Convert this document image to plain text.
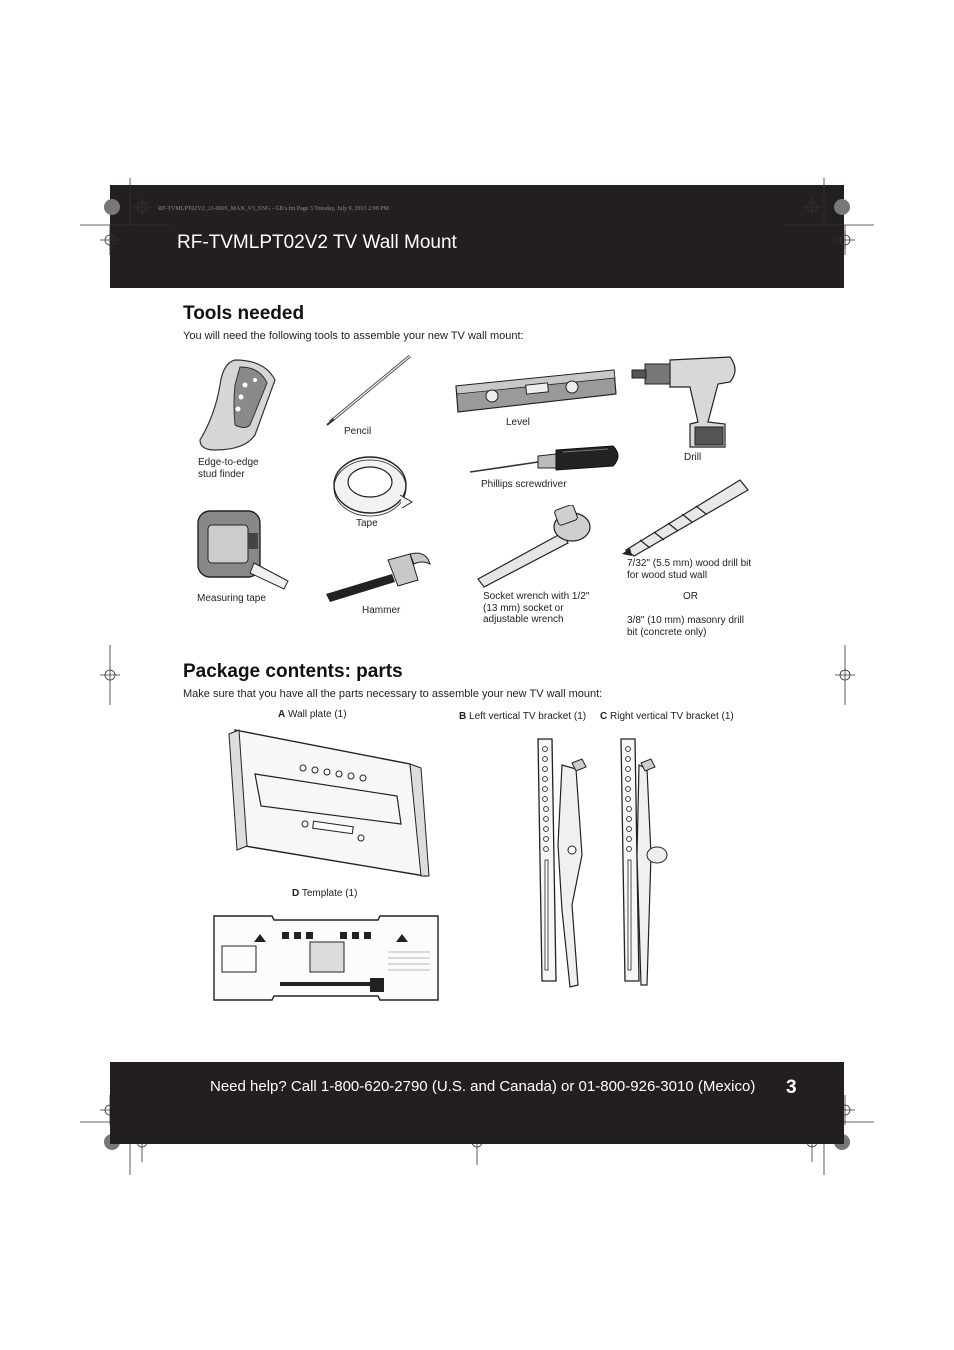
RF-TVMLPT02V2_13-0605_MAN_V3_ENG - GB's.fm Page 3 Tuesday, July 9, 2013 2:08 PM
RF-TVMLPT02V2 TV Wall Mount
Tools needed
You will need the following tools to assemble your new TV wall mount:
Edge-to-edge stud finder
Pencil
Level
Drill
Tape
Phillips screwdriver
Measuring tape
Hammer
Socket wrench with 1/2" (13 mm) socket or adjustable wrench
7/32" (5.5 mm) wood drill bit for wood stud wall
OR
3/8" (10 mm) masonry drill bit (concrete only)
Package contents: parts
Make sure that you have all the parts necessary to assemble your new TV wall mount:
A Wall plate (1)
D Template (1)
B Left vertical TV bracket (1) C Right vertical TV bracket (1)
Need help? Call 1-800-620-2790 (U.S. and Canada) or 01-800-926-3010 (Mexico) 3
